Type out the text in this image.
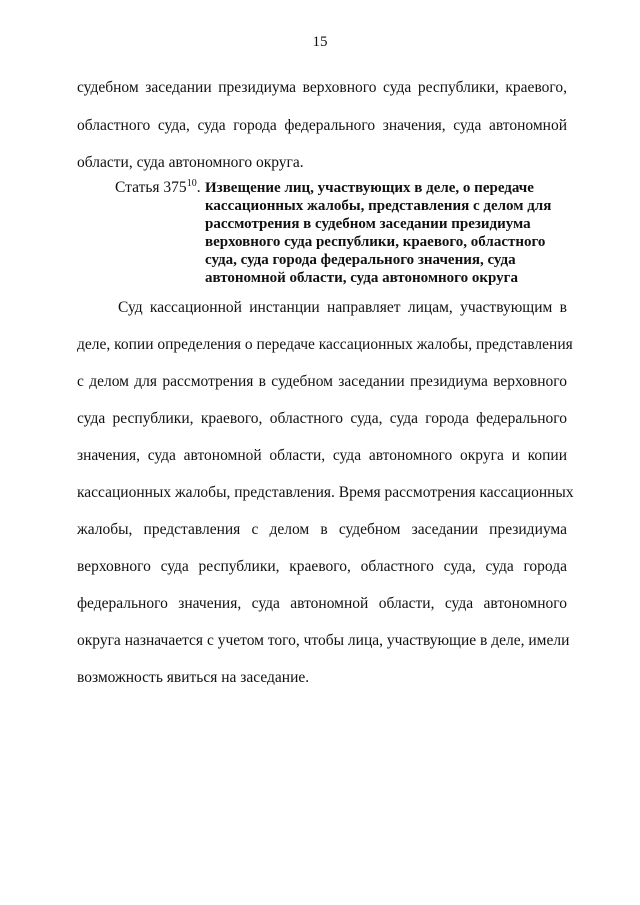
15
судебном заседании президиума верховного суда республики, краевого,
областного суда, суда города федерального значения, суда автономной
области, суда автономного округа.
Статья $375^{10}$. Извещение лиц, участвующих в деле, о передаче
кассационных жалобы, представления с делом для
рассмотрения в судебном заседании президиума
верховного суда республики, краевого, областного
суда, суда города федерального значения, суда
автономной области, суда автономного округа
Суд кассационной инстанции направляет лицам, участвующим в
деле, копии определения о передаче кассационных жалобы, представления
с делом для рассмотрения в судебном заседании президиума верховного
суда республики, краевого, областного суда, суда города федерального
значения, суда автономной области, суда автономного округа и копии
кассационных жалобы, представления. Время рассмотрения кассационных
жалобы, представления с делом в судебном заседании президиума
верховного суда республики, краевого, областного суда, суда города
федерального значения, суда автономной области, суда автономного
округа назначается с учетом того, чтобы лица, участвующие в деле, имели
возможность явиться на заседание.
